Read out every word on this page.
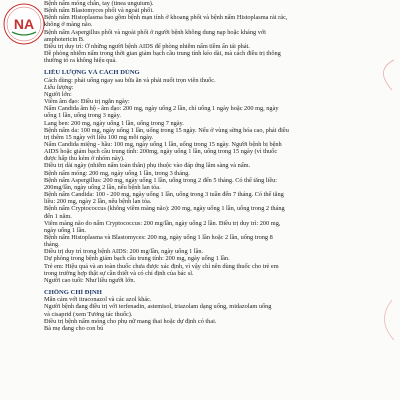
NA
Bệnh nấm móng chân, tay (tinea unguium).
Bệnh nấm Blastomyces phổi và ngoài phổi.
Bệnh nấm Histoplasma bao gồm bệnh mạn tính ở khoang phổi và bệnh nấm Histoplasma rải rác,
không ở màng não.
Bệnh nấm Aspergillus phổi và ngoài phổi ở người bệnh không dung nạp hoặc kháng với
amphotericin B.
Điều trị duy trì: Ở những người bệnh AIDS để phòng nhiễm nấm tiềm ẩn tái phát.
Đề phòng nhiễm nấm trong thời gian giảm bạch cầu trung tính kéo dài, mà cách điều trị thông
thường tỏ ra không hiệu quả.
LIỀU LƯỢNG VÀ CÁCH DÙNG
Cách dùng: phải uống ngay sau bữa ăn và phải nuốt trọn viên thuốc.
Liều lượng:
Người lớn:
Viêm âm đạo: Điều trị ngắn ngày:
Nấm Candida âm hộ - âm đạo: 200 mg, ngày uống 2 lần, chỉ uống 1 ngày hoặc 200 mg, ngày
uống 1 lần, uống trong 3 ngày.
Lang ben: 200 mg, ngày uống 1 lần, uống trong 7 ngày.
Bệnh nấm da: 100 mg, ngày uống 1 lần, uống trong 15 ngày. Nếu ở vùng sừng hóa cao, phải điều
trị thêm 15 ngày với liều 100 mg mỗi ngày.
Nấm Candida miệng - hầu: 100 mg, ngày uống 1 lần, uống trong 15 ngày. Người bệnh bị bệnh
AIDS hoặc giảm bạch cầu trung tính: 200mg, ngày uống 1 lần, uống trong 15 ngày (vì thuốc
được hấp thu kém ở nhóm này).
Điều trị dài ngày (nhiễm nấm toàn thân) phụ thuộc vào đáp ứng lâm sàng và nấm.
Bệnh nấm móng: 200 mg, ngày uống 1 lần, trong 3 tháng.
Bệnh nấm Aspergillus: 200 mg, ngày uống 1 lần, uống trong 2 đến 5 tháng. Có thể tăng liều:
200mg/lần, ngày uống 2 lần, nếu bệnh lan tỏa.
Bệnh nấm Candida: 100 - 200 mg, ngày uống 1 lần, uống trong 3 tuần đến 7 tháng. Có thể tăng
liều: 200 mg, ngày 2 lần, nếu bệnh lan tỏa.
Bệnh nấm Cryptococcus (không viêm màng não): 200 mg, ngày uống 1 lần, uống trong 2 tháng
đến 1 năm.
Viêm màng não do nấm Cryptococcus: 200 mg/lần, ngày uống 2 lần. Điều trị duy trì: 200 mg,
ngày uống 1 lần.
Bệnh nấm Histoplasma và Blastomyces: 200 mg, ngày uống 1 lần hoặc 2 lần, uống trong 8
tháng.
Điều trị duy trì trong bệnh AIDS: 200 mg/lần, ngày uống 1 lần.
Dự phòng trong bệnh giảm bạch cầu trung tính: 200 mg, ngày uống 1 lần.
Trẻ em: Hiệu quả và an toàn thuốc chưa được xác định, vì vậy chỉ nên dùng thuốc cho trẻ em
trong trường hợp thật sự cần thiết và có chỉ định của bác sĩ.
Người cao tuổi: Như liều người lớn.
CHỐNG CHỈ ĐỊNH
Mẫn cảm với itraconazol và các azol khác.
Người bệnh đang điều trị với terfenadin, astemisol, triazolam dạng uống, midazolam uống
và cisaprid (xem Tương tác thuốc).
Điều trị bệnh nấm móng cho phụ nữ mang thai hoặc dự định có thai.
Bà mẹ đang cho con bú
